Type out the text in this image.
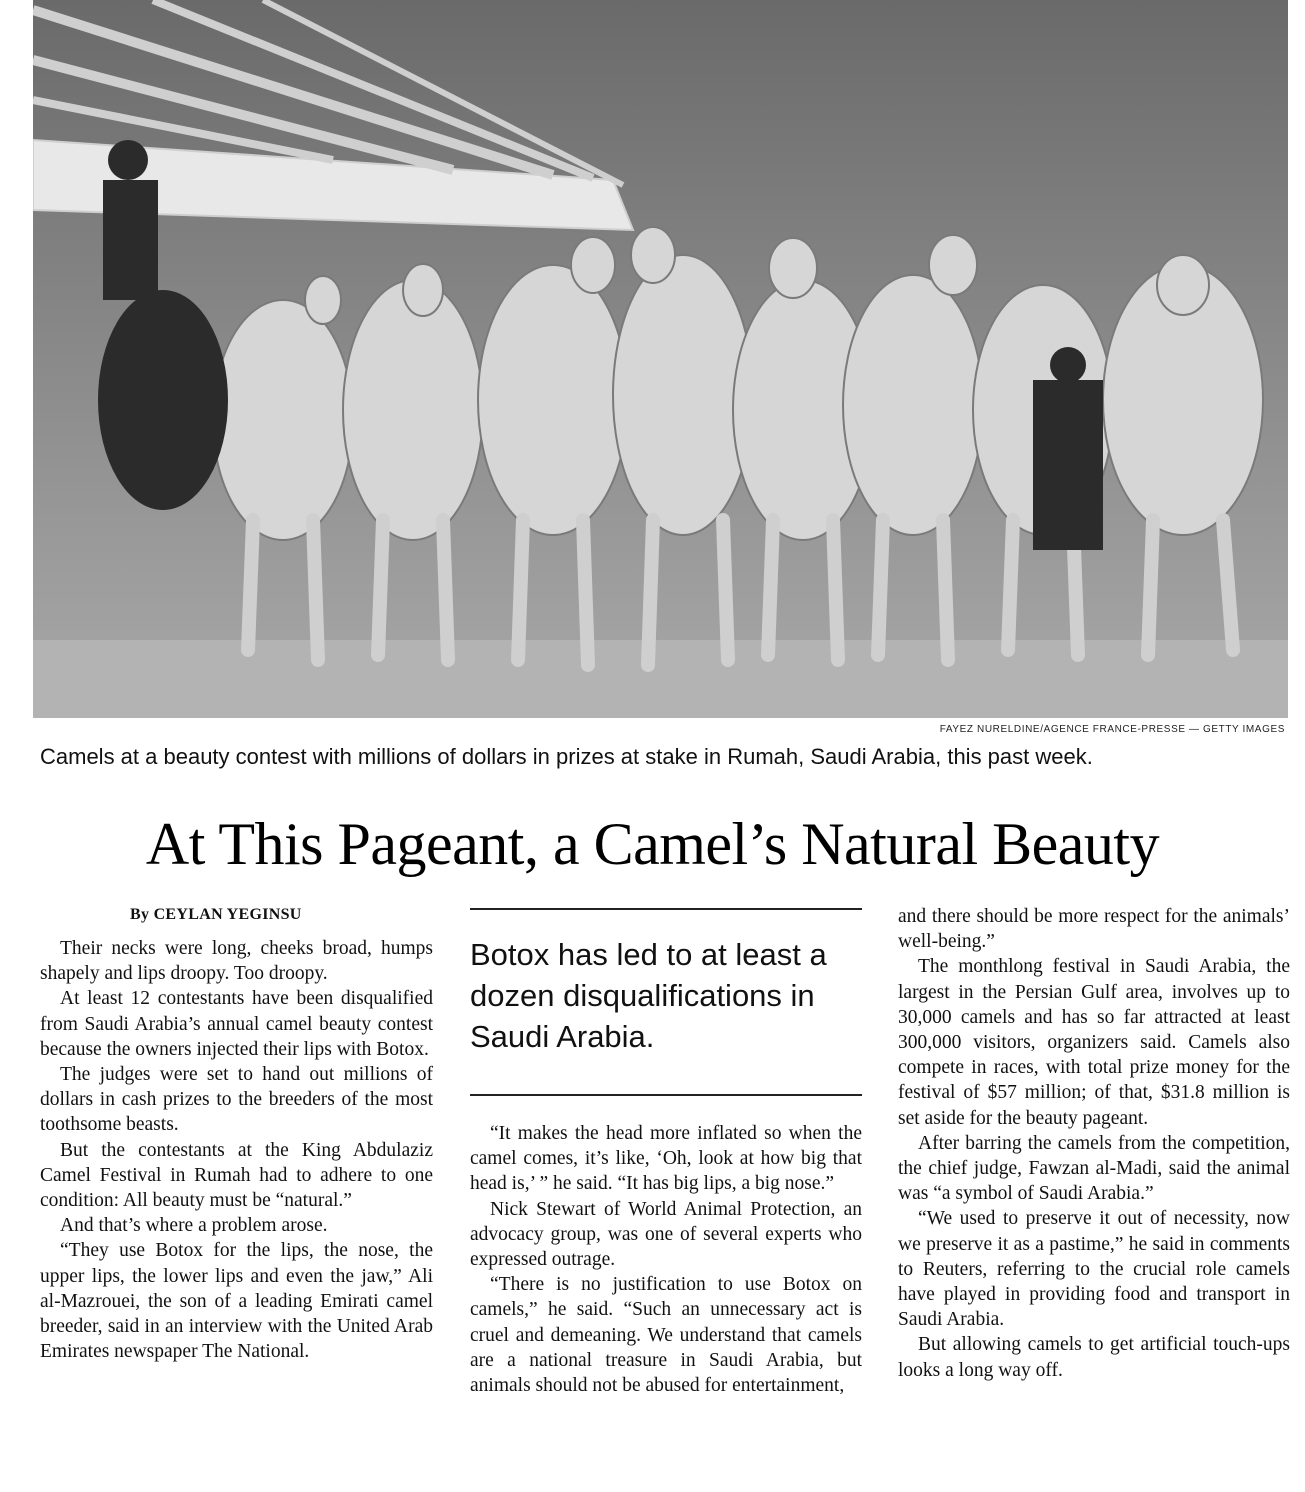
FAYEZ NURELDINE/AGENCE FRANCE-PRESSE — GETTY IMAGES
Camels at a beauty contest with millions of dollars in prizes at stake in Rumah, Saudi Arabia, this past week.
At This Pageant, a Camel’s Natural Beauty
By CEYLAN YEGINSU

Their necks were long, cheeks broad, humps shapely and lips droopy. Too droopy.

At least 12 contestants have been disqualified from Saudi Arabia’s annual camel beauty contest because the owners injected their lips with Botox.

The judges were set to hand out millions of dollars in cash prizes to the breeders of the most toothsome beasts.

But the contestants at the King Abdulaziz Camel Festival in Rumah had to adhere to one condition: All beauty must be “natural.”

And that’s where a problem arose.

“They use Botox for the lips, the nose, the upper lips, the lower lips and even the jaw,” Ali al-Mazrouei, the son of a leading Emirati camel breeder, said in an interview with the United Arab Emirates newspaper The National.

Botox has led to at least a dozen disqualifications in Saudi Arabia.

“It makes the head more inflated so when the camel comes, it’s like, ‘Oh, look at how big that head is,’ ” he said. “It has big lips, a big nose.”

Nick Stewart of World Animal Protection, an advocacy group, was one of several experts who expressed outrage.

“There is no justification to use Botox on camels,” he said. “Such an unnecessary act is cruel and demeaning. We understand that camels are a national treasure in Saudi Arabia, but animals should not be abused for entertainment,

and there should be more respect for the animals’ well-being.”

The monthlong festival in Saudi Arabia, the largest in the Persian Gulf area, involves up to 30,000 camels and has so far attracted at least 300,000 visitors, organizers said. Camels also compete in races, with total prize money for the festival of $57 million; of that, $31.8 million is set aside for the beauty pageant.

After barring the camels from the competition, the chief judge, Fawzan al-Madi, said the animal was “a symbol of Saudi Arabia.”

“We used to preserve it out of necessity, now we preserve it as a pastime,” he said in comments to Reuters, referring to the crucial role camels have played in providing food and transport in Saudi Arabia.

But allowing camels to get artificial touch-ups looks a long way off.
